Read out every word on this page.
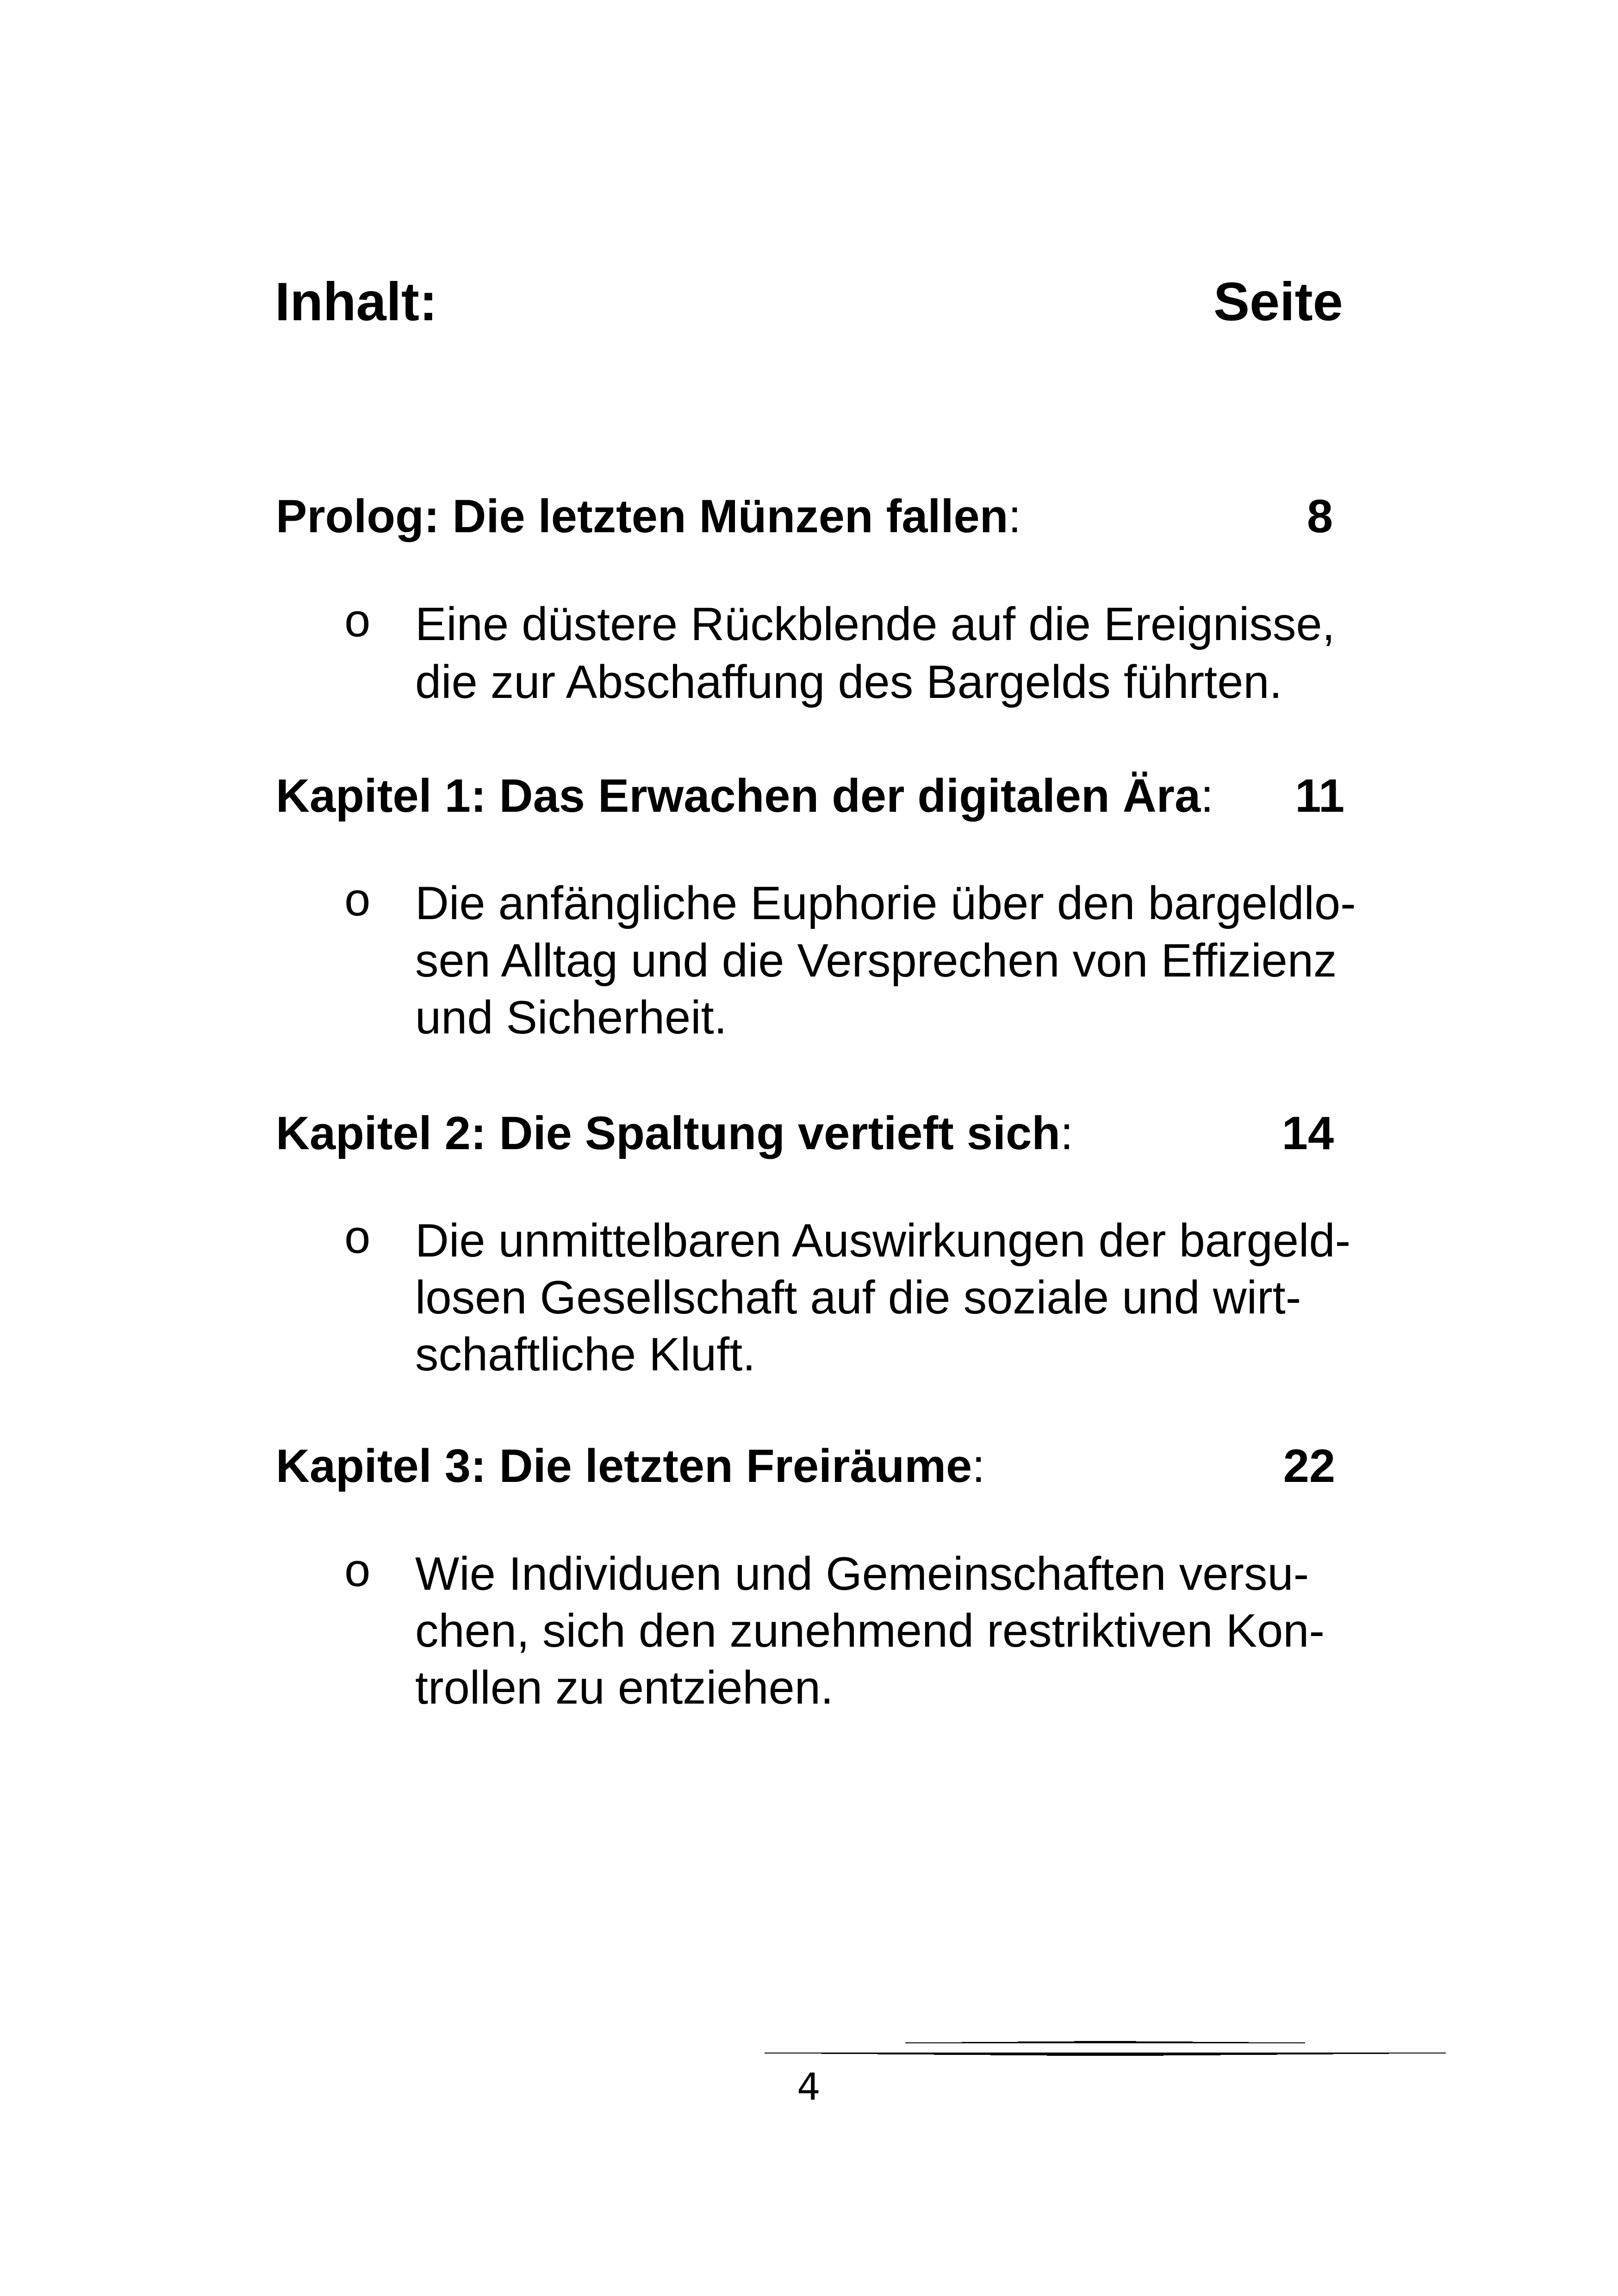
Inhalt:	Seite
Prolog: Die letzten Münzen fallen:	8
o Eine düstere Rückblende auf die Ereignisse,
die zur Abschaffung des Bargelds führten.
Kapitel 1: Das Erwachen der digitalen Ära:	11
o Die anfängliche Euphorie über den bargeldlo-
sen Alltag und die Versprechen von Effizienz
und Sicherheit.
Kapitel 2: Die Spaltung vertieft sich:	14
o Die unmittelbaren Auswirkungen der bargeld-
losen Gesellschaft auf die soziale und wirt-
schaftliche Kluft.
Kapitel 3: Die letzten Freiräume:	22
o Wie Individuen und Gemeinschaften versu-
chen, sich den zunehmend restriktiven Kon-
trollen zu entziehen.
4
